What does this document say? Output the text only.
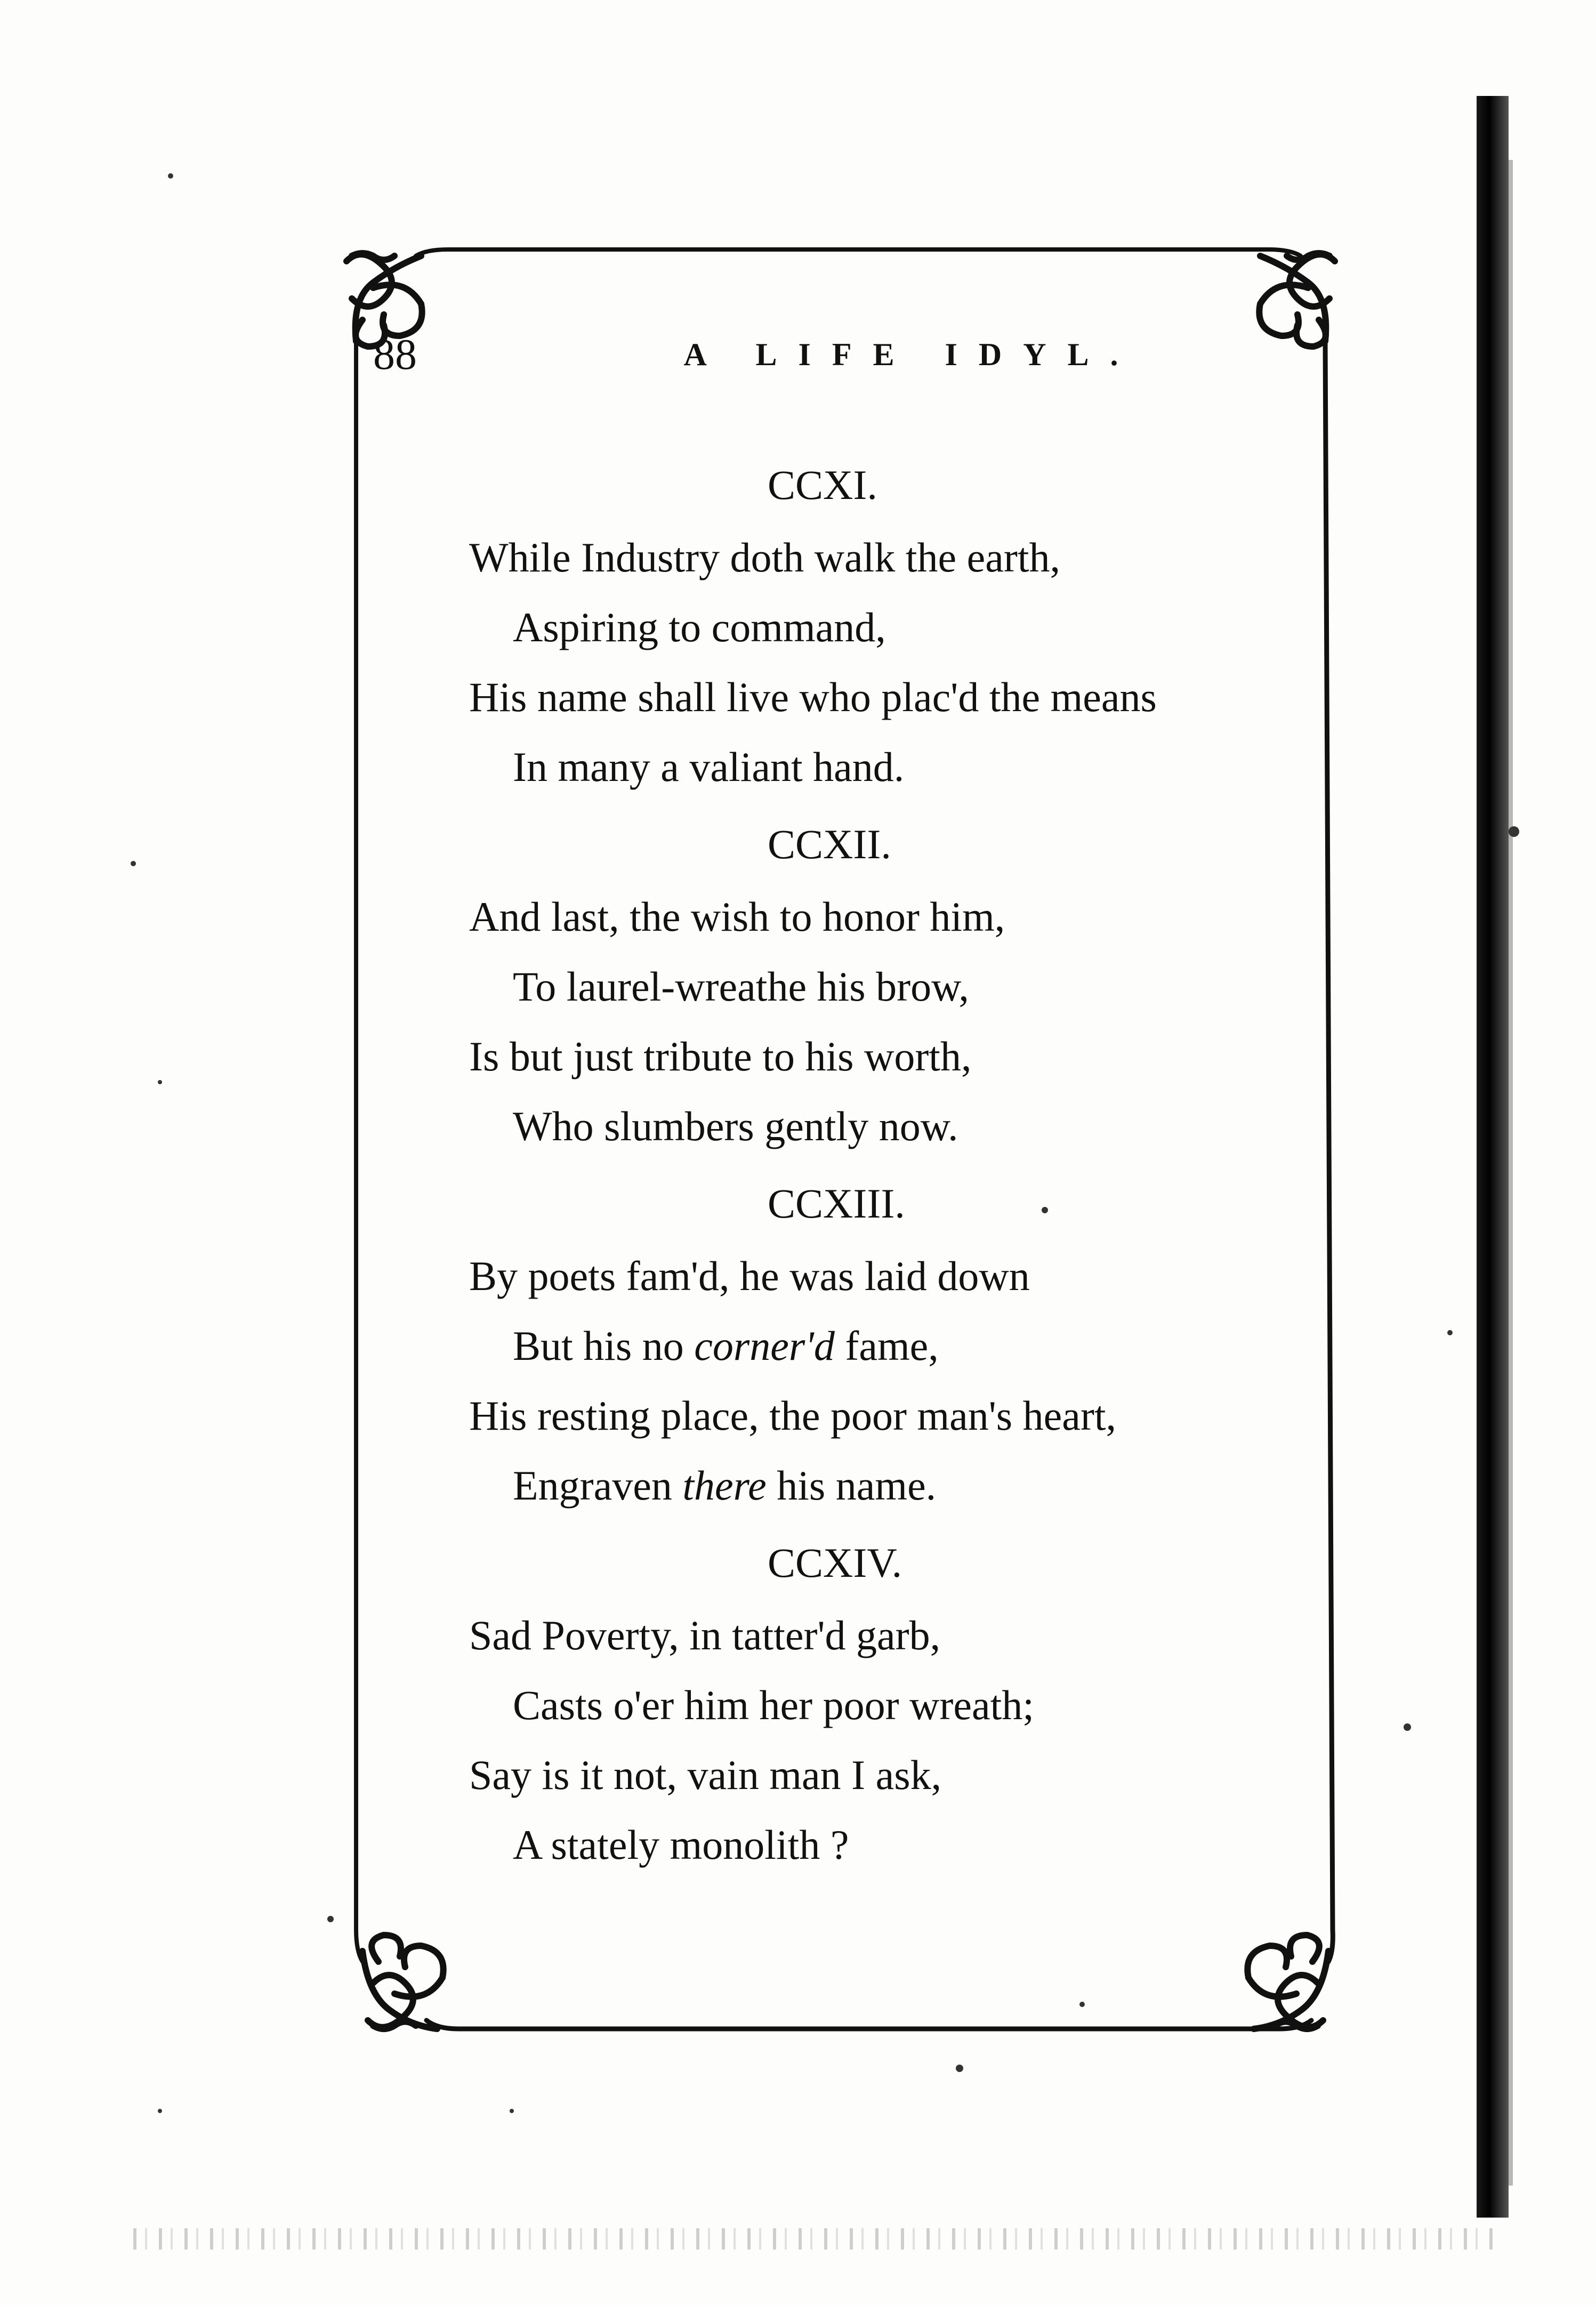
88	A LIFE IDYL.
CCXI.
While Industry doth walk the earth,
Aspiring to command,
His name shall live who plac'd the means
In many a valiant hand.
CCXII.
And last, the wish to honor him,
To laurel-wreathe his brow,
Is but just tribute to his worth,
Who slumbers gently now.
CCXIII.
By poets fam'd, he was laid down
But his no corner'd fame,
His resting place, the poor man's heart,
Engraven there his name.
CCXIV.
Sad Poverty, in tatter'd garb,
Casts o'er him her poor wreath;
Say is it not, vain man I ask,
A stately monolith ?
